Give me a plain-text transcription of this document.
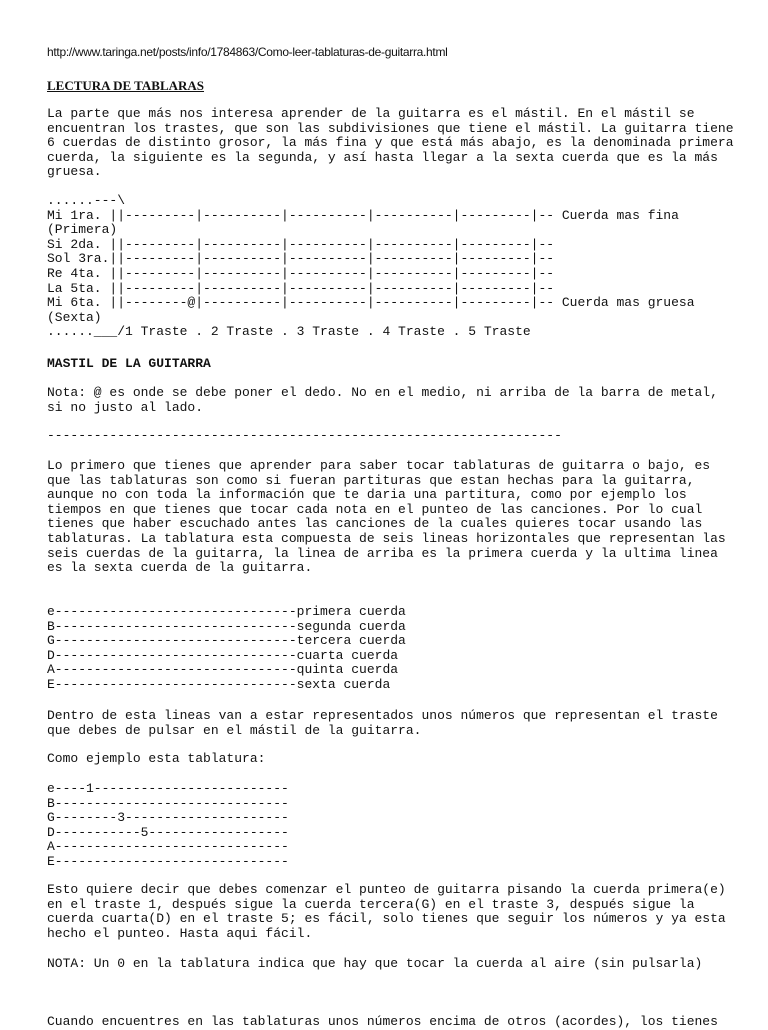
http://www.taringa.net/posts/info/1784863/Como-leer-tablaturas-de-guitarra.html
LECTURA DE TABLARAS
La parte que más nos interesa aprender de la guitarra es el mástil. En el mástil se
encuentran los trastes, que son las subdivisiones que tiene el mástil. La guitarra tiene
6 cuerdas de distinto grosor, la más fina y que está más abajo, es la denominada primera
cuerda, la siguiente es la segunda, y así hasta llegar a la sexta cuerda que es la más
gruesa.
......---\
Mi 1ra. ||---------|----------|----------|----------|---------|-- Cuerda mas fina
(Primera)
Si 2da. ||---------|----------|----------|----------|---------|--
Sol 3ra.||---------|----------|----------|----------|---------|--
Re 4ta. ||---------|----------|----------|----------|---------|--
La 5ta. ||---------|----------|----------|----------|---------|--
Mi 6ta. ||--------@|----------|----------|----------|---------|-- Cuerda mas gruesa
(Sexta)
......___/1 Traste . 2 Traste . 3 Traste . 4 Traste . 5 Traste
MASTIL DE LA GUITARRA
Nota: @ es onde se debe poner el dedo. No en el medio, ni arriba de la barra de metal,
si no justo al lado.
------------------------------------------------------------------
Lo primero que tienes que aprender para saber tocar tablaturas de guitarra o bajo, es
que las tablaturas son como si fueran partituras que estan hechas para la guitarra,
aunque no con toda la información que te daria una partitura, como por ejemplo los
tiempos en que tienes que tocar cada nota en el punteo de las canciones. Por lo cual
tienes que haber escuchado antes las canciones de la cuales quieres tocar usando las
tablaturas. La tablatura esta compuesta de seis lineas horizontales que representan las
seis cuerdas de la guitarra, la linea de arriba es la primera cuerda y la ultima linea
es la sexta cuerda de la guitarra.
e-------------------------------primera cuerda
B-------------------------------segunda cuerda
G-------------------------------tercera cuerda
D-------------------------------cuarta cuerda
A-------------------------------quinta cuerda
E-------------------------------sexta cuerda
Dentro de esta lineas van a estar representados unos números que representan el traste
que debes de pulsar en el mástil de la guitarra.
Como ejemplo esta tablatura:
e----1-------------------------
B------------------------------
G--------3---------------------
D-----------5------------------
A------------------------------
E------------------------------
Esto quiere decir que debes comenzar el punteo de guitarra pisando la cuerda primera(e)
en el traste 1, después sigue la cuerda tercera(G) en el traste 3, después sigue la
cuerda cuarta(D) en el traste 5; es fácil, solo tienes que seguir los números y ya esta
hecho el punteo. Hasta aqui fácil.
NOTA: Un 0 en la tablatura indica que hay que tocar la cuerda al aire (sin pulsarla)
Cuando encuentres en las tablaturas unos números encima de otros (acordes), los tienes
